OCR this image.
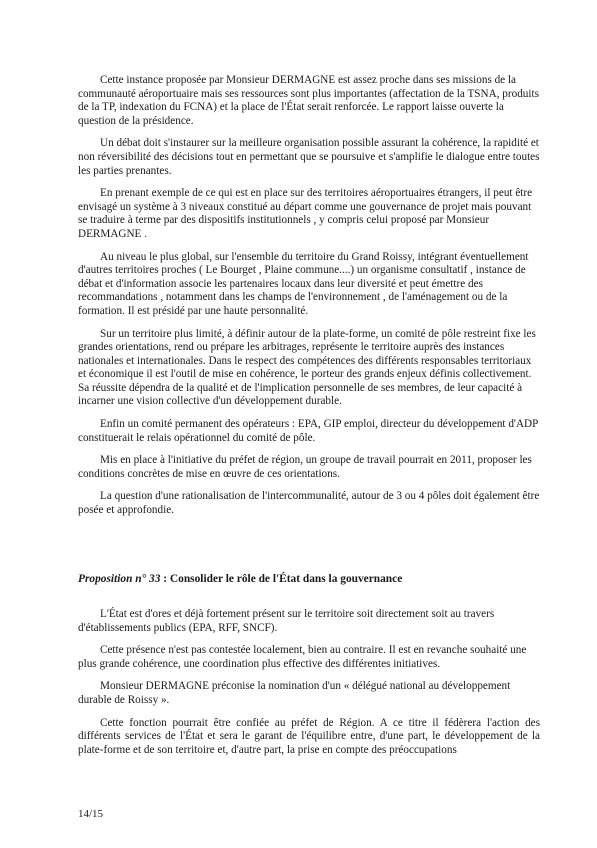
Cette instance proposée par Monsieur DERMAGNE est assez proche dans ses missions de la communauté aéroportuaire mais ses ressources sont plus importantes (affectation de la TSNA, produits de la TP, indexation du FCNA) et la place de l'État serait renforcée. Le rapport laisse ouverte la question de la présidence.

Un débat doit s'instaurer sur la meilleure organisation possible assurant la cohérence, la rapidité et non réversibilité des décisions tout en permettant que se poursuive et s'amplifie le dialogue entre toutes les parties prenantes.

En prenant exemple de ce qui est en place sur des territoires aéroportuaires étrangers, il peut être envisagé un système à 3 niveaux constitué au départ comme une gouvernance de projet mais pouvant se traduire à terme par des dispositifs institutionnels , y compris celui proposé par Monsieur DERMAGNE .

Au niveau le plus global, sur l'ensemble du territoire du Grand Roissy, intégrant éventuellement d'autres territoires proches ( Le Bourget , Plaine commune....) un organisme consultatif , instance de débat et d'information associe les partenaires locaux dans leur diversité et peut émettre des recommandations , notamment dans les champs de l'environnement , de l'aménagement ou de la formation. Il est présidé par une haute personnalité.

Sur un territoire plus limité, à définir autour de la plate-forme, un comité de pôle restreint fixe les grandes orientations, rend ou prépare les arbitrages, représente le territoire auprès des instances nationales et internationales. Dans le respect des compétences des différents responsables territoriaux et économique il est l'outil de mise en cohérence, le porteur des grands enjeux définis collectivement. Sa réussite dépendra de la qualité et de l'implication personnelle de ses membres, de leur capacité à incarner une vision collective d'un développement durable.

Enfin un comité permanent des opérateurs : EPA, GIP emploi, directeur du développement d'ADP constituerait le relais opérationnel du comité de pôle.

Mis en place à l'initiative du préfet de région, un groupe de travail pourrait en 2011, proposer les conditions concrètes de mise en œuvre de ces orientations.

La question d'une rationalisation de l'intercommunalité, autour de 3 ou 4 pôles doit également être posée et approfondie.

Proposition n° 33 : Consolider le rôle de l'État dans la gouvernance

L'État est d'ores et déjà fortement présent sur le territoire soit directement soit au travers d'établissements publics (EPA, RFF, SNCF).

Cette présence n'est pas contestée localement, bien au contraire. Il est en revanche souhaité une plus grande cohérence, une coordination plus effective des différentes initiatives.

Monsieur DERMAGNE préconise la nomination d'un « délégué national au développement durable de Roissy ».

Cette fonction pourrait être confiée au préfet de Région. A ce titre il fédèrera l'action des différents services de l'État et sera le garant de l'équilibre entre, d'une part, le développement de la plate-forme et de son territoire et, d'autre part, la prise en compte des préoccupations

14/15
